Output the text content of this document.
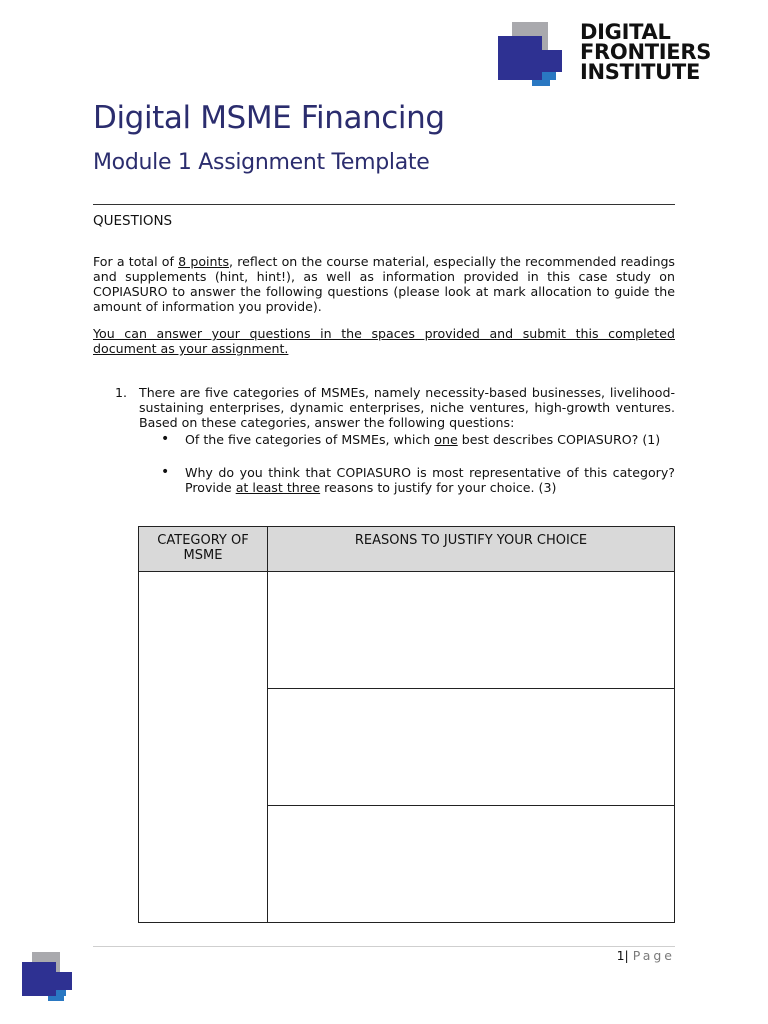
DIGITAL
FRONTIERS
INSTITUTE
Digital MSME Financing
Module 1 Assignment Template
QUESTIONS
For a total of 8 points, reflect on the course material, especially the recommended readings and supplements (hint, hint!), as well as information provided in this case study on COPIASURO to answer the following questions (please look at mark allocation to guide the amount of information you provide).
You can answer your questions in the spaces provided and submit this completed document as your assignment.
1. There are five categories of MSMEs, namely necessity-based businesses, livelihood-sustaining enterprises, dynamic enterprises, niche ventures, high-growth ventures. Based on these categories, answer the following questions:
• Of the five categories of MSMEs, which one best describes COPIASURO? (1)
• Why do you think that COPIASURO is most representative of this category? Provide at least three reasons to justify for your choice. (3)
CATEGORY OF MSME
REASONS TO JUSTIFY YOUR CHOICE
1| Page
